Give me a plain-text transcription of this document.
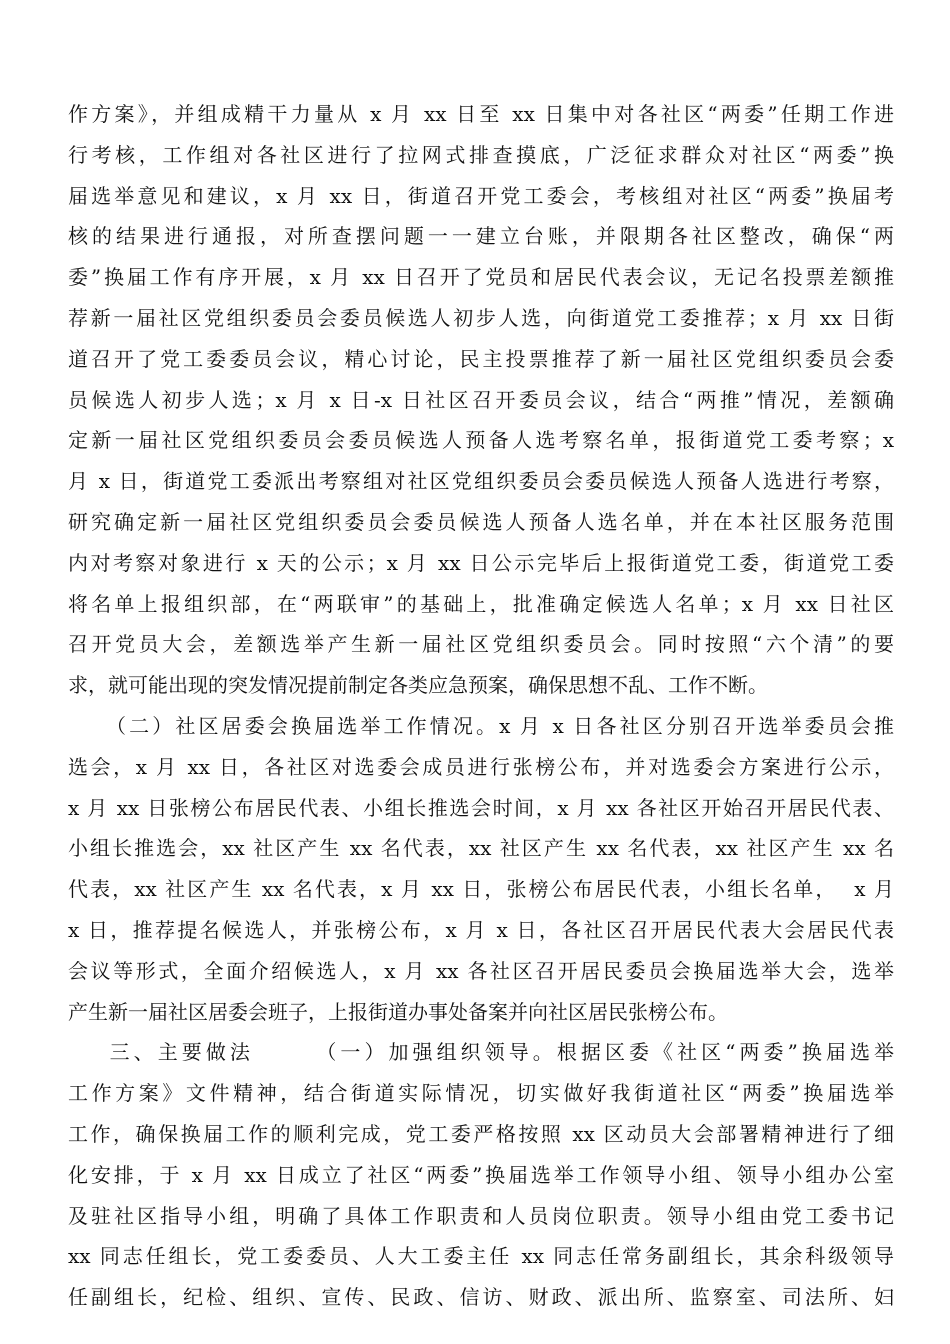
作方案》，并组成精干力量从 x 月 xx 日至 xx 日集中对各社区“两委”任期工作进
行考核，工作组对各社区进行了拉网式排查摸底，广泛征求群众对社区“两委”换
届选举意见和建议，x 月 xx 日，街道召开党工委会，考核组对社区“两委”换届考
核的结果进行通报，对所查摆问题一一建立台账，并限期各社区整改，确保“两
委”换届工作有序开展，x 月 xx 日召开了党员和居民代表会议，无记名投票差额推
荐新一届社区党组织委员会委员候选人初步人选，向街道党工委推荐；x 月 xx 日街
道召开了党工委委员会议，精心讨论，民主投票推荐了新一届社区党组织委员会委
员候选人初步人选；x 月 x 日-x 日社区召开委员会议，结合“两推”情况，差额确
定新一届社区党组织委员会委员候选人预备人选考察名单，报街道党工委考察；x
月 x 日，街道党工委派出考察组对社区党组织委员会委员候选人预备人选进行考察，
研究确定新一届社区党组织委员会委员候选人预备人选名单，并在本社区服务范围
内对考察对象进行 x 天的公示；x 月 xx 日公示完毕后上报街道党工委，街道党工委
将名单上报组织部，在“两联审”的基础上，批准确定候选人名单；x 月 xx 日社区
召开党员大会，差额选举产生新一届社区党组织委员会。同时按照“六个清”的要
求，就可能出现的突发情况提前制定各类应急预案，确保思想不乱、工作不断。
（二）社区居委会换届选举工作情况。x 月 x 日各社区分别召开选举委员会推
选会，x 月 xx 日，各社区对选委会成员进行张榜公布，并对选委会方案进行公示，
x 月 xx 日张榜公布居民代表、小组长推选会时间，x 月 xx 各社区开始召开居民代表、
小组长推选会，xx 社区产生 xx 名代表，xx 社区产生 xx 名代表，xx 社区产生 xx 名
代表，xx 社区产生 xx 名代表，x 月 xx 日，张榜公布居民代表，小组长名单，  x 月
x 日，推荐提名候选人，并张榜公布，x 月 x 日，各社区召开居民代表大会居民代表
会议等形式，全面介绍候选人，x 月 xx 各社区召开居民委员会换届选举大会，选举
产生新一届社区居委会班子，上报街道办事处备案并向社区居民张榜公布。
三、主要做法      （一）加强组织领导。根据区委《社区“两委”换届选举
工作方案》文件精神，结合街道实际情况，切实做好我街道社区“两委”换届选举
工作，确保换届工作的顺利完成，党工委严格按照 xx 区动员大会部署精神进行了细
化安排，于 x 月 xx 日成立了社区“两委”换届选举工作领导小组、领导小组办公室
及驻社区指导小组，明确了具体工作职责和人员岗位职责。领导小组由党工委书记
xx 同志任组长，党工委委员、人大工委主任 xx 同志任常务副组长，其余科级领导
任副组长，纪检、组织、宣传、民政、信访、财政、派出所、监察室、司法所、妇
